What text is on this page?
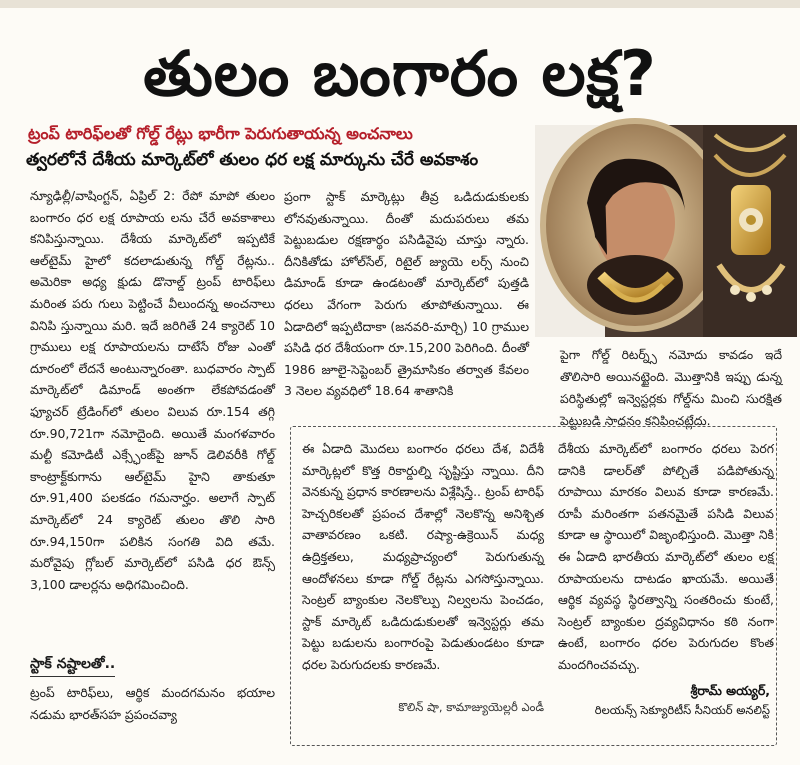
తులం బంగారం లక్ష?
ట్రంప్ టారిఫ్‌లతో గోల్డ్ రేట్లు భారీగా పెరుగుతాయన్న అంచనాలు
త్వరలోనే దేశీయ మార్కెట్‌లో తులం ధర లక్ష మార్కును చేరే అవకాశం

న్యూఢిల్లీ/వాషింగ్టన్, ఏప్రిల్ 2: రేపో మాపో తులం బంగారం ధర లక్ష రూపాయ లను చేరే అవకాశాలు కనిపిస్తున్నాయి. దేశీయ మార్కెట్‌లో ఇప్పటికే ఆల్‌టైమ్ హైలో కదలాడుతున్న గోల్డ్ రేట్లను.. అమెరికా అధ్య క్షుడు డొనాల్డ్ ట్రంప్ టారిఫ్‌లు మరింత పరు గులు పెట్టించే వీలుందన్న అంచనాలు వినిపి స్తున్నాయి మరి. ఇదే జరిగితే 24 క్యారెట్ 10 గ్రాములు లక్ష రూపాయలను దాటేసే రోజు ఎంతో దూరంలో లేదనే అంటున్నారంతా. బుధవారం స్పాట్ మార్కెట్‌లో డిమాండ్ అంతగా లేకపోవడంతో ఫ్యూచర్ ట్రేడింగ్‌లో తులం విలువ రూ.154 తగ్గి రూ.90,721గా నమోదైంది. అయితే మంగళవారం మల్టీ కమోడిటీ ఎక్స్ఛేంజ్‌పై జూన్ డెలివరీకి గోల్డ్ కాంట్రాక్ట్‌కుగాను ఆల్‌టైమ్ హైని తాకుతూ రూ.91,400 పలకడం గమనార్హం. అలాగే స్పాట్ మార్కెట్‌లో 24 క్యారెట్ తులం తొలి సారి రూ.94,150గా పలికిన సంగతి విది తమే. మరోవైపు గ్లోబల్ మార్కెట్‌లో పసిడి ధర ఔన్స్ 3,100 డాలర్లను అధిగమించింది.

ప్రంగా స్టాక్ మార్కెట్లు తీవ్ర ఒడిదుడుకులకు లోనవుతున్నాయి. దీంతో మదుపరులు తమ పెట్టుబడుల రక్షణార్థం పసిడివైపు చూస్తు న్నారు. దీనికితోడు హోల్‌సేల్, రిటైల్ జ్యుయె లర్స్ నుంచి డిమాండ్ కూడా ఉండటంతో మార్కెట్‌లో పుత్తడి ధరలు వేగంగా పెరుగు తూపోతున్నాయి. ఈ ఏడాదిలో ఇప్పటిదాకా (జనవరి-మార్చి) 10 గ్రాముల పసిడి ధర దేశీయంగా రూ.15,200 పెరిగింది. దీంతో 1986 జూలై-సెప్టెంబర్ త్రైమాసికం తర్వాత కేవలం 3 నెలల వ్యవధిలో 18.64 శాతానికి

స్టాక్ నష్టాలతో..

ట్రంప్ టారిఫ్‌లు, ఆర్థిక మందగమనం భయాల నడుమ భారత్‌సహ ప్రపంచవ్యా

పైగా గోల్డ్ రిటర్న్స్ నమోదు కావడం ఇదే తొలిసారి అయినట్టైంది. మొత్తానికి ఇప్పు డున్న పరిస్థితుల్లో ఇన్వెస్టర్లకు గోల్డ్‌ను మించి సురక్షిత పెట్టుబడి సాధనం కనిపించట్లేదు.

ఈ ఏడాది మొదలు బంగారం ధరలు దేశ, విదేశీ మార్కెట్లలో కొత్త రికార్డుల్ని సృష్టిస్తు న్నాయి. దీని వెనకున్న ప్రధాన కారణాలను విశ్లేషిస్తే.. ట్రంప్ టారిఫ్ హెచ్చరికలతో ప్రపంచ దేశాల్లో నెలకొన్న అనిశ్చిత వాతావరణం ఒకటి. రష్యా-ఉక్రెయిన్ మధ్య ఉద్రిక్తతలు, మధ్యప్రాచ్యంలో పెరుగుతున్న ఆందోళనలు కూడా గోల్డ్ రేట్లను ఎగసోస్తున్నాయి. సెంట్రల్ బ్యాంకుల నెలకొల్పు నిల్వలను పెంచడం, స్టాక్ మార్కెట్ ఒడిదుడుకులతో ఇన్వెస్టర్లు తమ పెట్టు బడులను బంగారంపై పెడుతుండటం కూడా ధరల పెరుగుదలకు కారణమే.

కొలిన్ షా, కామాజ్యుయెల్లరీ ఎండీ

దేశీయ మార్కెట్‌లో బంగారం ధరలు పెరగ డానికి డాలర్‌తో పోల్చితే పడిపోతున్న రూపాయి మారకం విలువ కూడా కారణమే. రూపీ మరింతగా పతనమైతే పసిడి విలువ కూడా ఆ స్థాయిలో విజృంభిస్తుంది. మొత్తా నికి ఈ ఏడాది భారతీయ మార్కెట్‌లో తులం లక్ష రూపాయలను దాటడం ఖాయమే. అయితే ఆర్థిక వ్యవస్థ స్థిరత్వాన్ని సంతరించు కుంటే, సెంట్రల్ బ్యాంకుల ద్రవ్యవిధానం కఠి నంగా ఉంటే, బంగారం ధరల పెరుగుదల కొంత మందగించవచ్చు.

శ్రీరామ్ అయ్యర్,
రిలయన్స్ సెక్యూరిటీస్ సీనియర్ అనలిస్ట్
